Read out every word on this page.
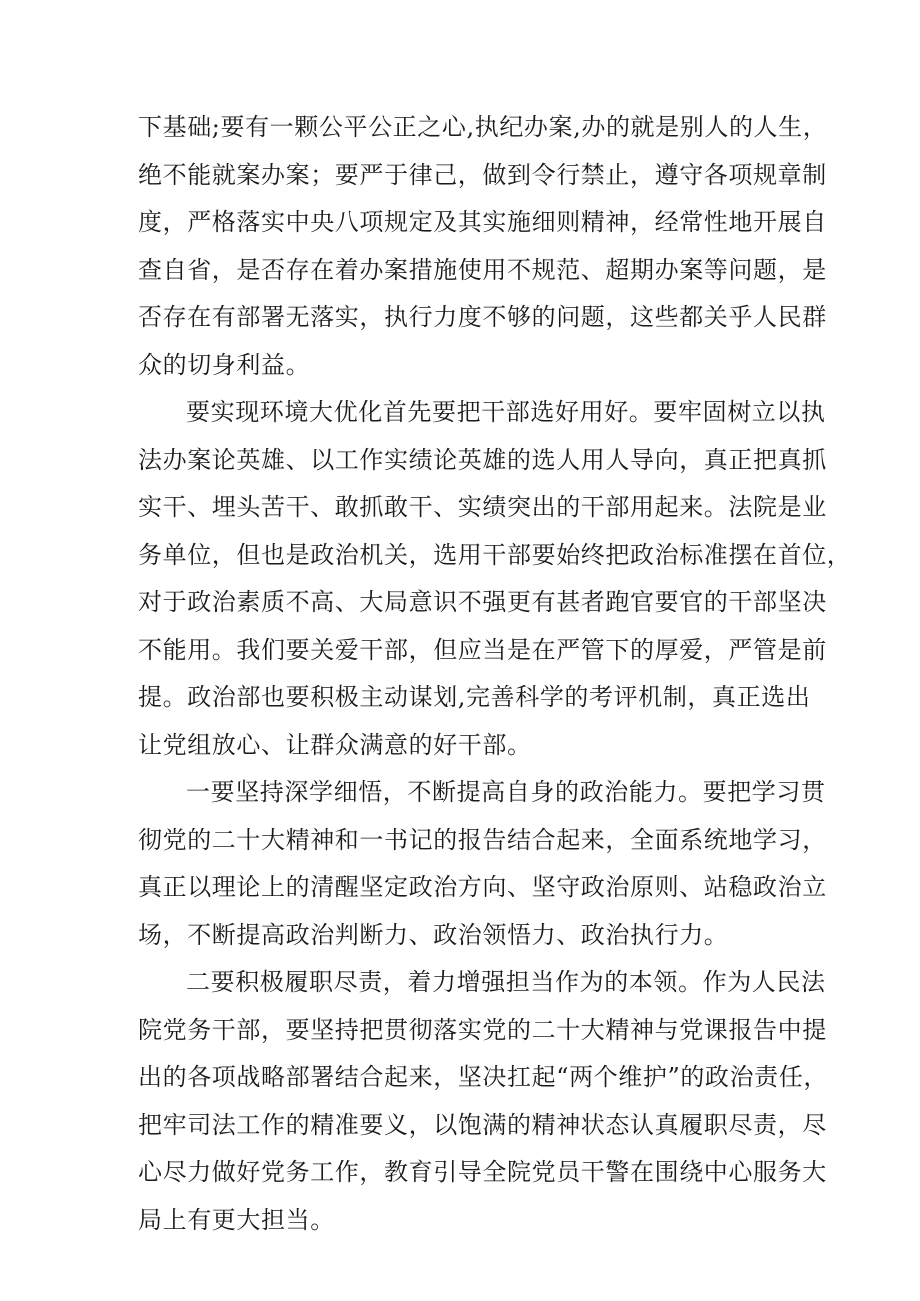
下基础;要有一颗公平公正之心,执纪办案,办的就是别人的人生，
绝不能就案办案；要严于律己，做到令行禁止，遵守各项规章制
度，严格落实中央八项规定及其实施细则精神，经常性地开展自
查自省，是否存在着办案措施使用不规范、超期办案等问题，是
否存在有部署无落实，执行力度不够的问题，这些都关乎人民群
众的切身利益。
要实现环境大优化首先要把干部选好用好。要牢固树立以执
法办案论英雄、以工作实绩论英雄的选人用人导向，真正把真抓
实干、埋头苦干、敢抓敢干、实绩突出的干部用起来。法院是业
务单位，但也是政治机关，选用干部要始终把政治标准摆在首位，
对于政治素质不高、大局意识不强更有甚者跑官要官的干部坚决
不能用。我们要关爱干部，但应当是在严管下的厚爱，严管是前
提。政治部也要积极主动谋划,完善科学的考评机制，真正选出
让党组放心、让群众满意的好干部。
一要坚持深学细悟，不断提高自身的政治能力。要把学习贯
彻党的二十大精神和一书记的报告结合起来，全面系统地学习，
真正以理论上的清醒坚定政治方向、坚守政治原则、站稳政治立
场，不断提高政治判断力、政治领悟力、政治执行力。
二要积极履职尽责，着力增强担当作为的本领。作为人民法
院党务干部，要坚持把贯彻落实党的二十大精神与党课报告中提
出的各项战略部署结合起来，坚决扛起“两个维护”的政治责任，
把牢司法工作的精准要义，以饱满的精神状态认真履职尽责，尽
心尽力做好党务工作，教育引导全院党员干警在围绕中心服务大
局上有更大担当。
